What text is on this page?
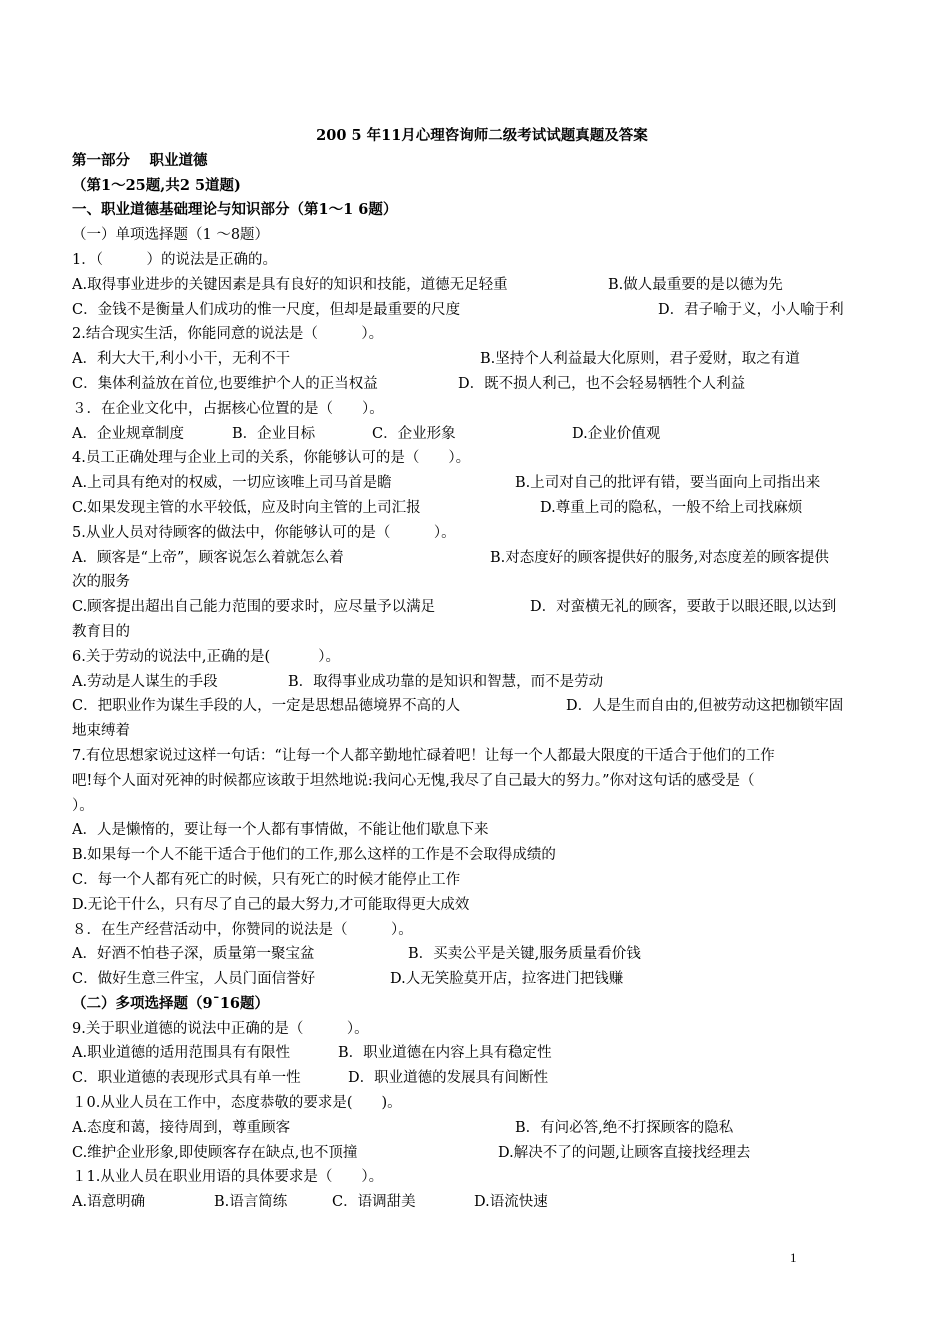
200 5 年11月心理咨询师二级考试试题真题及答案
第一部分　 职业道德
（第1～25题,共2 5道题)
一、职业道德基础理论与知识部分（第1～1 6题）
（一）单项选择题（1 ～8题）
1．（　　　）的说法是正确的。
A.取得事业进步的关键因素是具有良好的知识和技能，道德无足轻重	B.做人最重要的是以德为先
C．金钱不是衡量人们成功的惟一尺度，但却是最重要的尺度	D．君子喻于义，小人喻于利
2.结合现实生活，你能同意的说法是（　　　）。
A．利大大干,利小小干，无利不干	B.坚持个人利益最大化原则，君子爱财，取之有道
C．集体利益放在首位,也要维护个人的正当权益	D．既不损人利己，也不会轻易牺牲个人利益
３．在企业文化中，占据核心位置的是（　　）。
A．企业规章制度	B．企业目标	C．企业形象	D.企业价值观
4.员工正确处理与企业上司的关系，你能够认可的是（　　）。
A.上司具有绝对的权威，一切应该唯上司马首是瞻	B.上司对自己的批评有错，要当面向上司指出来
C.如果发现主管的水平较低，应及时向主管的上司汇报	D.尊重上司的隐私，一般不给上司找麻烦
5.从业人员对待顾客的做法中，你能够认可的是（　　　）。
A．顾客是“上帝”，顾客说怎么着就怎么着	B.对态度好的顾客提供好的服务,对态度差的顾客提供
次的服务
C.顾客提出超出自己能力范围的要求时，应尽量予以满足	D．对蛮横无礼的顾客，要敢于以眼还眼,以达到
教育目的
6.关于劳动的说法中,正确的是(　　　 ）。
A.劳动是人谋生的手段	B．取得事业成功靠的是知识和智慧，而不是劳动
C．把职业作为谋生手段的人，一定是思想品德境界不高的人	D．人是生而自由的,但被劳动这把枷锁牢固
地束缚着
7.有位思想家说过这样一句话：“让每一个人都辛勤地忙碌着吧！让每一个人都最大限度的干适合于他们的工作
吧!每个人面对死神的时候都应该敢于坦然地说:我问心无愧,我尽了自己最大的努力。”你对这句话的感受是（
）。
A．人是懒惰的，要让每一个人都有事情做，不能让他们歇息下来
B.如果每一个人不能干适合于他们的工作,那么这样的工作是不会取得成绩的
C．每一个人都有死亡的时候，只有死亡的时候才能停止工作
D.无论干什么，只有尽了自己的最大努力,才可能取得更大成效
８．在生产经营活动中，你赞同的说法是（　　　）。
A．好酒不怕巷子深，质量第一聚宝盆	B．买卖公平是关键,服务质量看价钱
C．做好生意三件宝，人员门面信誉好	D.人无笑脸莫开店，拉客进门把钱赚
（二）多项选择题（9¯16题）
9.关于职业道德的说法中正确的是（　　　）。
A.职业道德的适用范围具有有限性	B．职业道德在内容上具有稳定性
C．职业道德的表现形式具有单一性	D．职业道德的发展具有间断性
１0.从业人员在工作中，态度恭敬的要求是(　　)。
A.态度和蔼，接待周到，尊重顾客	B．有问必答,绝不打探顾客的隐私
C.维护企业形象,即使顾客存在缺点,也不顶撞	D.解决不了的问题,让顾客直接找经理去
１1.从业人员在职业用语的具体要求是（　　）。
A.语意明确	B.语言简练	C．语调甜美	D.语流快速
1
